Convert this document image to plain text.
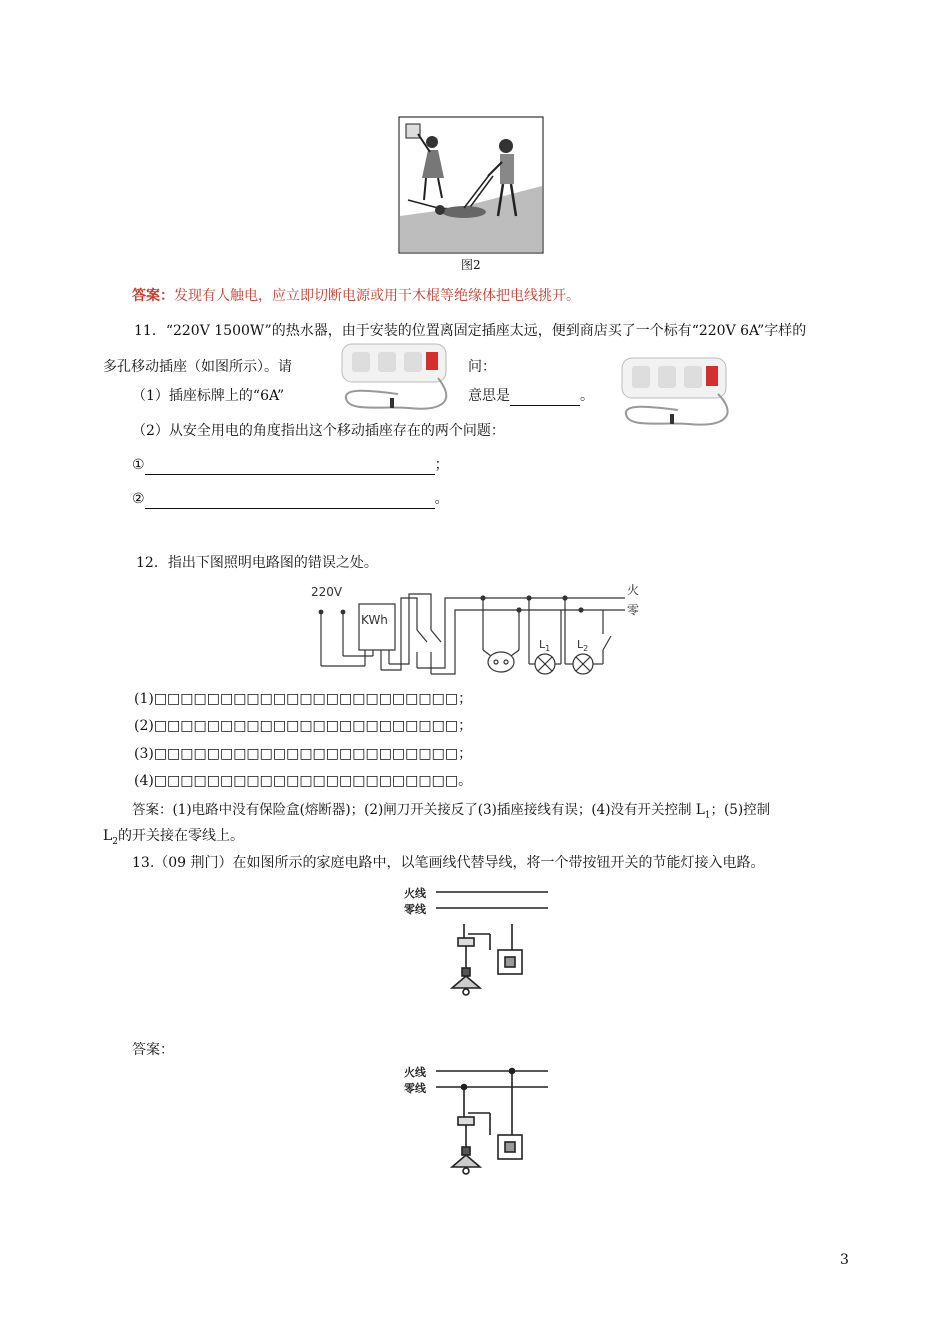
图2
答案：发现有人触电，应立即切断电源或用干木棍等绝缘体把电线挑开。
11．“220V 1500W”的热水器，由于安装的位置离固定插座太远，便到商店买了一个标有“220V 6A”字样的
多孔移动插座（如图所示）。请	问：
（1）插座标牌上的“6A”	意思是	。
（2）从安全用电的角度指出这个移动插座存在的两个问题：
①	；
②	。
12．指出下图照明电路图的错误之处。
220V
KWh
火
零
$L_1$ $L_2$
(1)□□□□□□□□□□□□□□□□□□□□□□□；
(2)□□□□□□□□□□□□□□□□□□□□□□□；
(3)□□□□□□□□□□□□□□□□□□□□□□□；
(4)□□□□□□□□□□□□□□□□□□□□□□□。
答案：(1)电路中没有保险盒(熔断器)；(2)闸刀开关接反了(3)插座接线有误；(4)没有开关控制 $L_1$；(5)控制
$L_2$的开关接在零线上。
13.（09 荆门）在如图所示的家庭电路中，以笔画线代替导线，将一个带按钮开关的节能灯接入电路。
火线
零线
答案：
火线
零线
3
